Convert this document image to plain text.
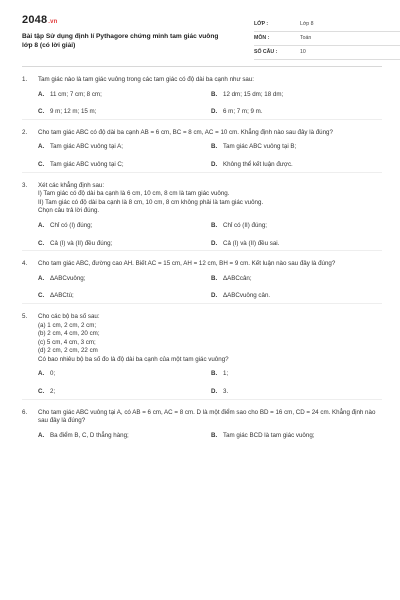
2048.vn
Bài tập Sử dụng định lí Pythagore chứng minh tam giác vuông lớp 8 (có lời giải)
LỚP :	Lớp 8
MÔN :	Toán
SỐ CÂU :	10
1.	Tam giác nào là tam giác vuông trong các tam giác có độ dài ba cạnh như sau:
A. 11 cm; 7 cm; 8 cm;	B. 12 dm; 15 dm; 18 dm;
C. 9 m; 12 m; 15 m;	D. 6 m; 7 m; 9 m.
2.	Cho tam giác ABC có độ dài ba cạnh AB = 6 cm, BC = 8 cm, AC = 10 cm. Khẳng định nào sau đây là đúng?
A. Tam giác ABC vuông tại A;	B. Tam giác ABC vuông tại B;
C. Tam giác ABC vuông tại C;	D. Không thể kết luận được.
3.	Xét các khẳng định sau:
I) Tam giác có độ dài ba cạnh là 6 cm, 10 cm, 8 cm là tam giác vuông.
II) Tam giác có độ dài ba cạnh là 8 cm, 10 cm, 8 cm không phải là tam giác vuông.
Chọn câu trả lời đúng.
A. Chỉ có (I) đúng;	B. Chỉ có (II) đúng;
C. Cả (I) và (II) đều đúng;	D. Cả (I) và (II) đều sai.
4.	Cho tam giác ABC, đường cao AH. Biết AC = 15 cm, AH = 12 cm, BH = 9 cm. Kết luận nào sau đây là đúng?
A. ΔABCvuông;	B. ΔABCcân;
C. ΔABCtù;	D. ΔABCvuông cân.
5.	Cho các bộ ba số sau:
(a) 1 cm, 2 cm, 2 cm;
(b) 2 cm, 4 cm, 20 cm;
(c) 5 cm, 4 cm, 3 cm;
(d) 2 cm, 2 cm, 22 cm
Có bao nhiêu bộ ba số đo là độ dài ba cạnh của một tam giác vuông?
A. 0;	B. 1;
C. 2;	D. 3.
6.	Cho tam giác ABC vuông tại A, có AB = 6 cm, AC = 8 cm. D là một điểm sao cho BD = 16 cm, CD = 24 cm. Khẳng định nào sau đây là đúng?
A. Ba điểm B, C, D thẳng hàng;	B. Tam giác BCD là tam giác vuông;
